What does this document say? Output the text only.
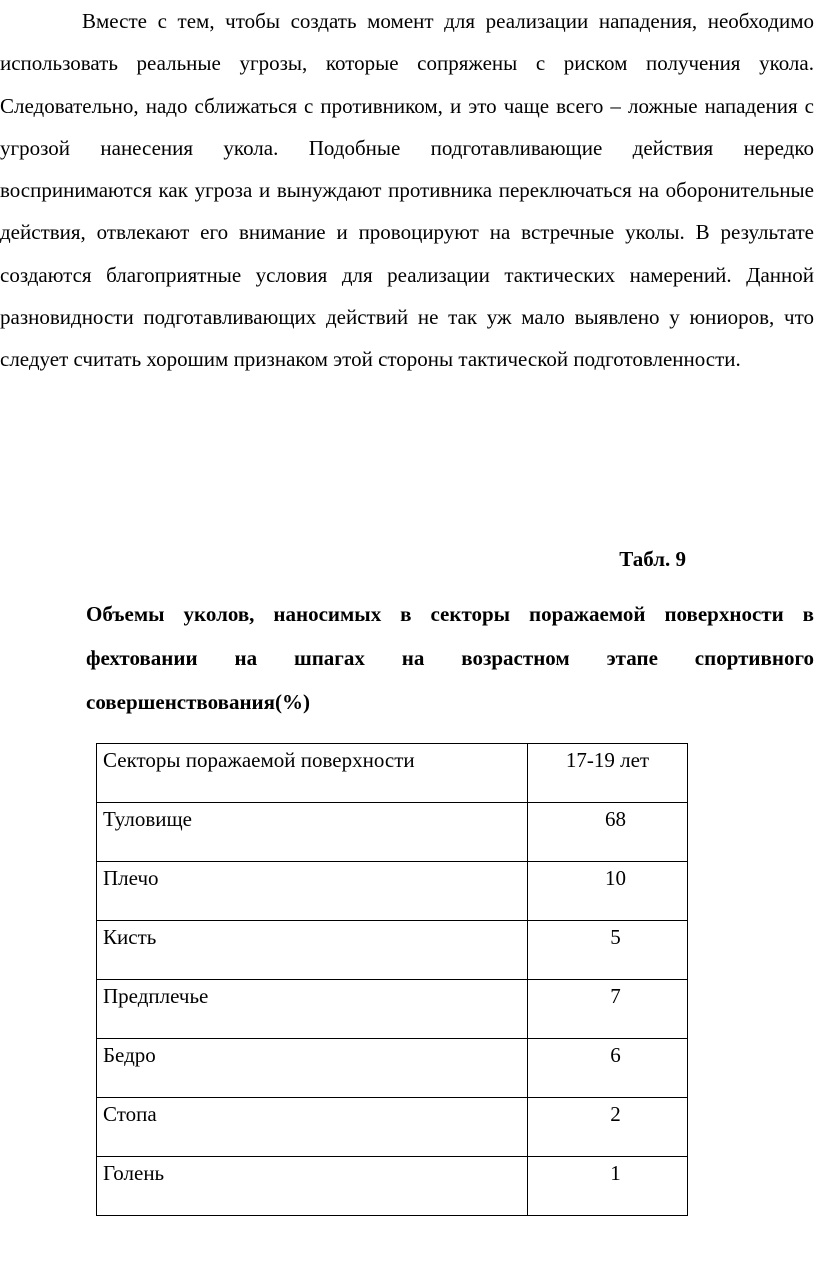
Вместе с тем, чтобы создать момент для реализации нападения, необходимо использовать реальные угрозы, которые сопряжены с риском получения укола. Следовательно, надо сближаться с противником, и это чаще всего – ложные нападения с угрозой нанесения укола. Подобные подготавливающие действия нередко воспринимаются как угроза и вынуждают противника переключаться на оборонительные действия, отвлекают его внимание и провоцируют на встречные уколы. В результате создаются благоприятные условия для реализации тактических намерений. Данной разновидности подготавливающих действий не так уж мало выявлено у юниоров, что следует считать хорошим признаком этой стороны тактической подготовленности.

Табл. 9

Объемы уколов, наносимых в секторы поражаемой поверхности в фехтовании на шпагах на возрастном этапе спортивного совершенствования(%)

Секторы поражаемой поверхности	17-19 лет
Туловище	68
Плечо	10
Кисть	5
Предплечье	7
Бедро	6
Стопа	2
Голень	1
